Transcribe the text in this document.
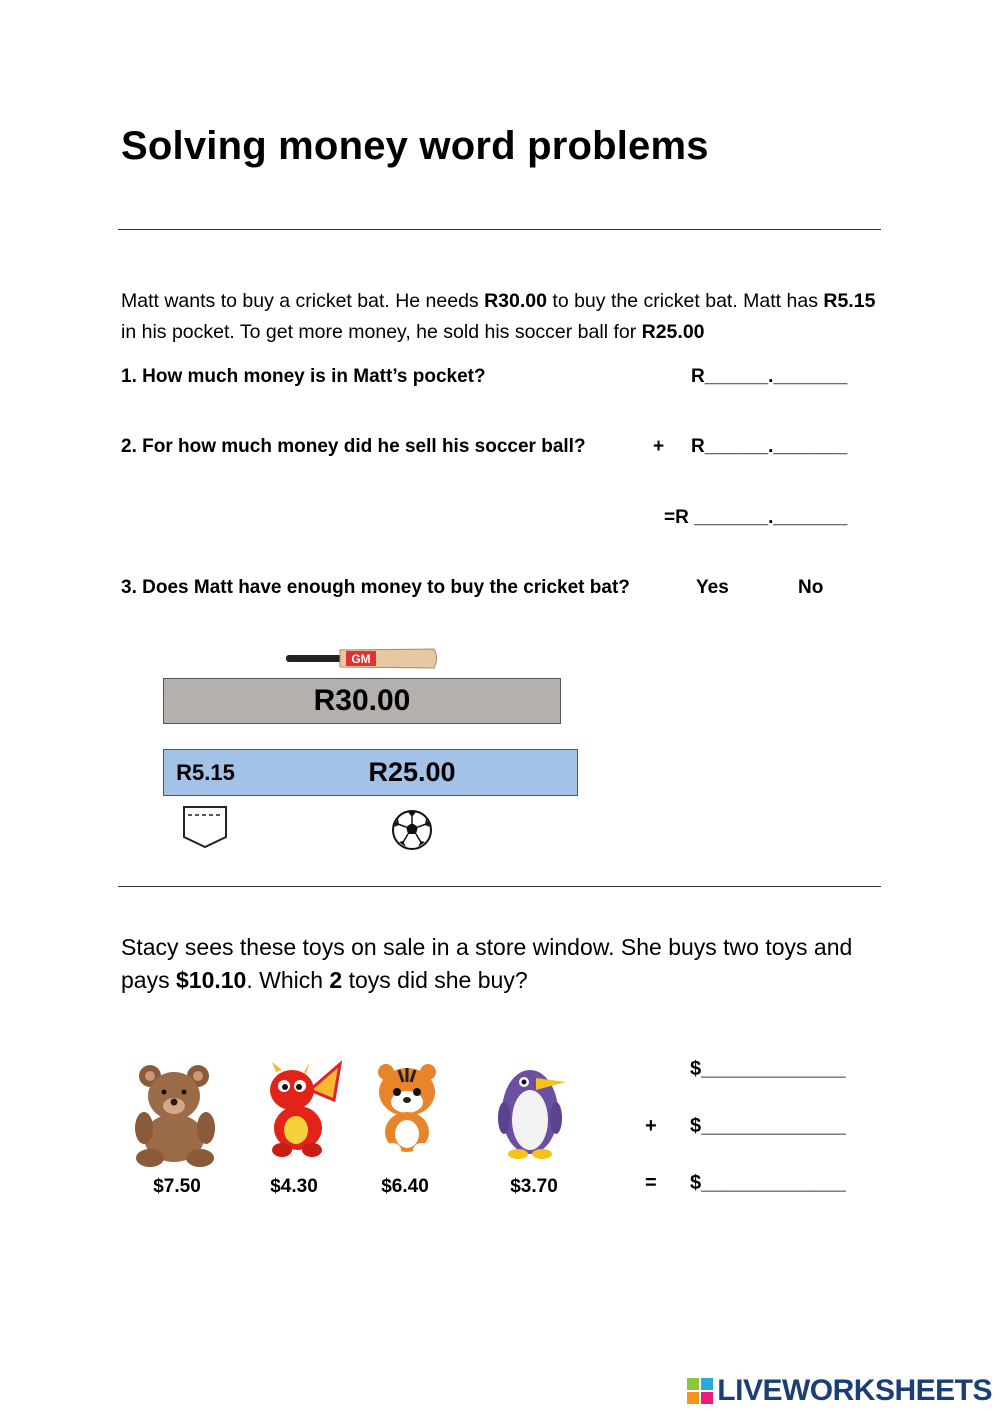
Solving money word problems
Matt wants to buy a cricket bat. He needs R30.00 to buy the cricket bat. Matt has R5.15 in his pocket. To get more money, he sold his soccer ball for R25.00
1. How much money is in Matt’s pocket?	R______._______
2. For how much money did he sell his soccer ball?	+ R______._______
=R _______._______
3. Does Matt have enough money to buy the cricket bat?	Yes	No
GM
R30.00
R5.15	R25.00
Stacy sees these toys on sale in a store window. She buys two toys and pays $10.10. Which 2 toys did she buy?
$7.50	$4.30	$6.40	$3.70
$_____________
+ $_____________
= $_____________
LIVEWORKSHEETS
